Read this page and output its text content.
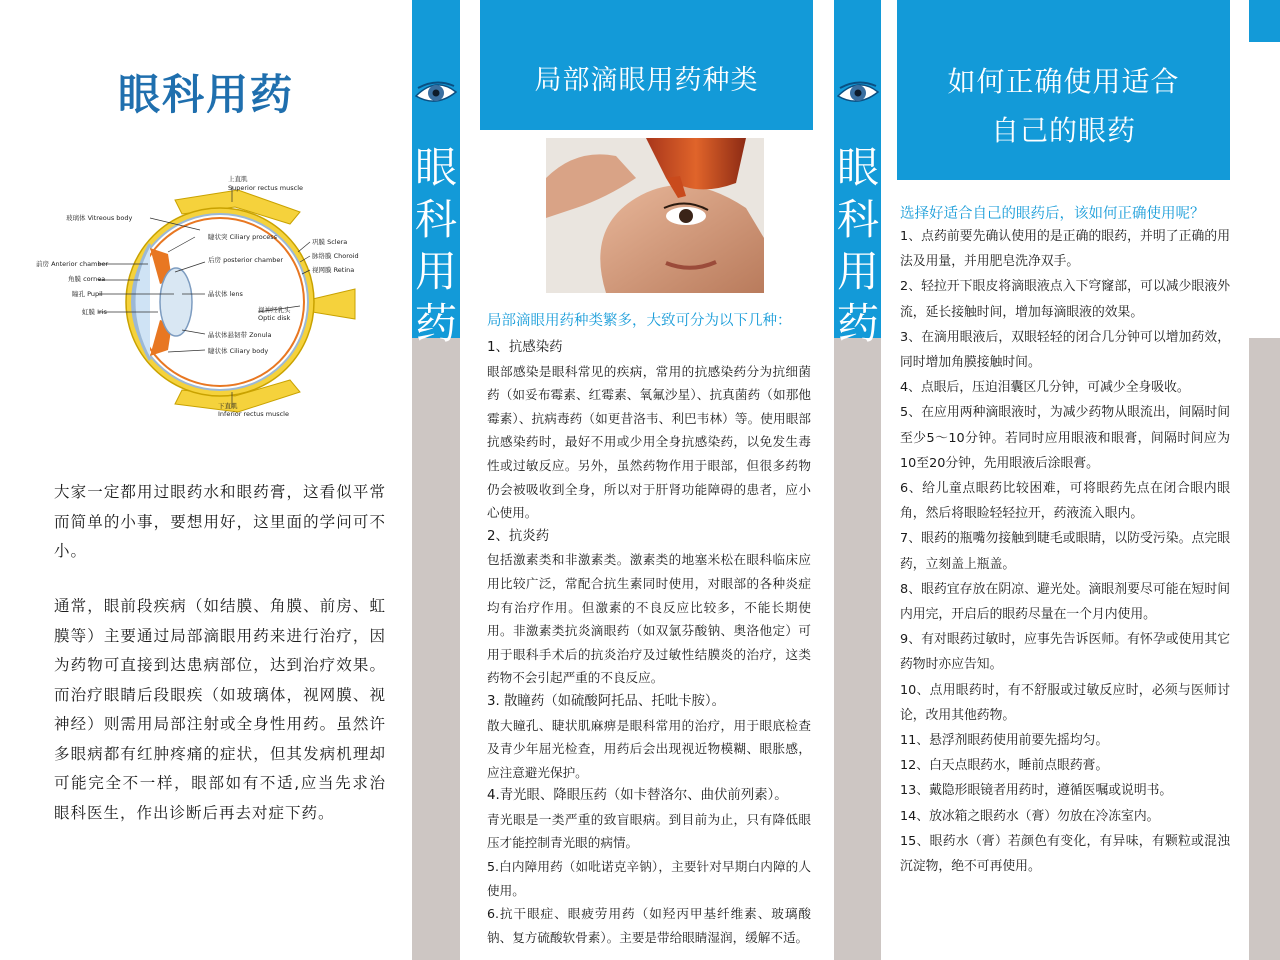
眼科用药
上直肌
Superior rectus muscle
玻璃体 Vitreous body
睫状突 Ciliary process
后房 posterior chamber
前房 Anterior chamber
角膜 cornea
瞳孔 Pupil
虹膜 Iris
晶状体 lens
晶状体悬韧带 Zonula
睫状体 Ciliary body
巩膜 Sclera
脉络膜 Choroid
视网膜 Retina
视神经乳头
Optic disk
下直肌
Inferior rectus muscle
大家一定都用过眼药水和眼药膏，这看似平常而简单的小事，要想用好，这里面的学问可不小。
通常，眼前段疾病（如结膜、角膜、前房、虹膜等）主要通过局部滴眼用药来进行治疗，因为药物可直接到达患病部位，达到治疗效果。而治疗眼睛后段眼疾（如玻璃体，视网膜、视神经）则需用局部注射或全身性用药。虽然许多眼病都有红肿疼痛的症状，但其发病机理却可能完全不一样，眼部如有不适,应当先求治眼科医生，作出诊断后再去对症下药。
眼科用药
局部滴眼用药种类
局部滴眼用药种类繁多，大致可分为以下几种：
1、抗感染药
眼部感染是眼科常见的疾病，常用的抗感染药分为抗细菌药（如妥布霉素、红霉素、氧氟沙星）、抗真菌药（如那他霉素）、抗病毒药（如更昔洛韦、利巴韦林）等。使用眼部抗感染药时，最好不用或少用全身抗感染药，以免发生毒性或过敏反应。另外，虽然药物作用于眼部，但很多药物仍会被吸收到全身，所以对于肝肾功能障碍的患者，应小心使用。
2、抗炎药
包括激素类和非激素类。激素类的地塞米松在眼科临床应用比较广泛，常配合抗生素同时使用，对眼部的各种炎症均有治疗作用。但激素的不良反应比较多，不能长期使用。非激素类抗炎滴眼药（如双氯芬酸钠、奥洛他定）可用于眼科手术后的抗炎治疗及过敏性结膜炎的治疗，这类药物不会引起严重的不良反应。
3. 散瞳药（如硫酸阿托品、托吡卡胺）。
散大瞳孔、睫状肌麻痹是眼科常用的治疗，用于眼底检查及青少年屈光检查，用药后会出现视近物模糊、眼胀感，应注意避光保护。
4.青光眼、降眼压药（如卡替洛尔、曲伏前列素）。
青光眼是一类严重的致盲眼病。到目前为止，只有降低眼压才能控制青光眼的病情。
5.白内障用药（如吡诺克辛钠），主要针对早期白内障的人使用。
6.抗干眼症、眼疲劳用药（如羟丙甲基纤维素、玻璃酸钠、复方硫酸软骨素）。主要是带给眼睛湿润，缓解不适。
眼科用药
如何正确使用适合
自己的眼药
选择好适合自己的眼药后，该如何正确使用呢？
1、点药前要先确认使用的是正确的眼药，并明了正确的用法及用量，并用肥皂洗净双手。
2、轻拉开下眼皮将滴眼液点入下穹窿部，可以减少眼液外流，延长接触时间，增加每滴眼液的效果。
3、在滴用眼液后，双眼轻轻的闭合几分钟可以增加药效，同时增加角膜接触时间。
4、点眼后，压迫泪囊区几分钟，可减少全身吸收。
5、在应用两种滴眼液时，为减少药物从眼流出，间隔时间至少5～10分钟。若同时应用眼液和眼膏，间隔时间应为10至20分钟，先用眼液后涂眼膏。
6、给儿童点眼药比较困难，可将眼药先点在闭合眼内眼角，然后将眼睑轻轻拉开，药液流入眼内。
7、眼药的瓶嘴勿接触到睫毛或眼睛，以防受污染。点完眼药，立刻盖上瓶盖。
8、眼药宜存放在阴凉、避光处。滴眼剂要尽可能在短时间内用完，开启后的眼药尽量在一个月内使用。
9、有对眼药过敏时，应事先告诉医师。有怀孕或使用其它药物时亦应告知。
10、点用眼药时，有不舒服或过敏反应时，必须与医师讨论，改用其他药物。
11、悬浮剂眼药使用前要先摇均匀。
12、白天点眼药水，睡前点眼药膏。
13、戴隐形眼镜者用药时，遵循医嘱或说明书。
14、放冰箱之眼药水（膏）勿放在冷冻室内。
15、眼药水（膏）若颜色有变化，有异味，有颗粒或混浊沉淀物，绝不可再使用。
